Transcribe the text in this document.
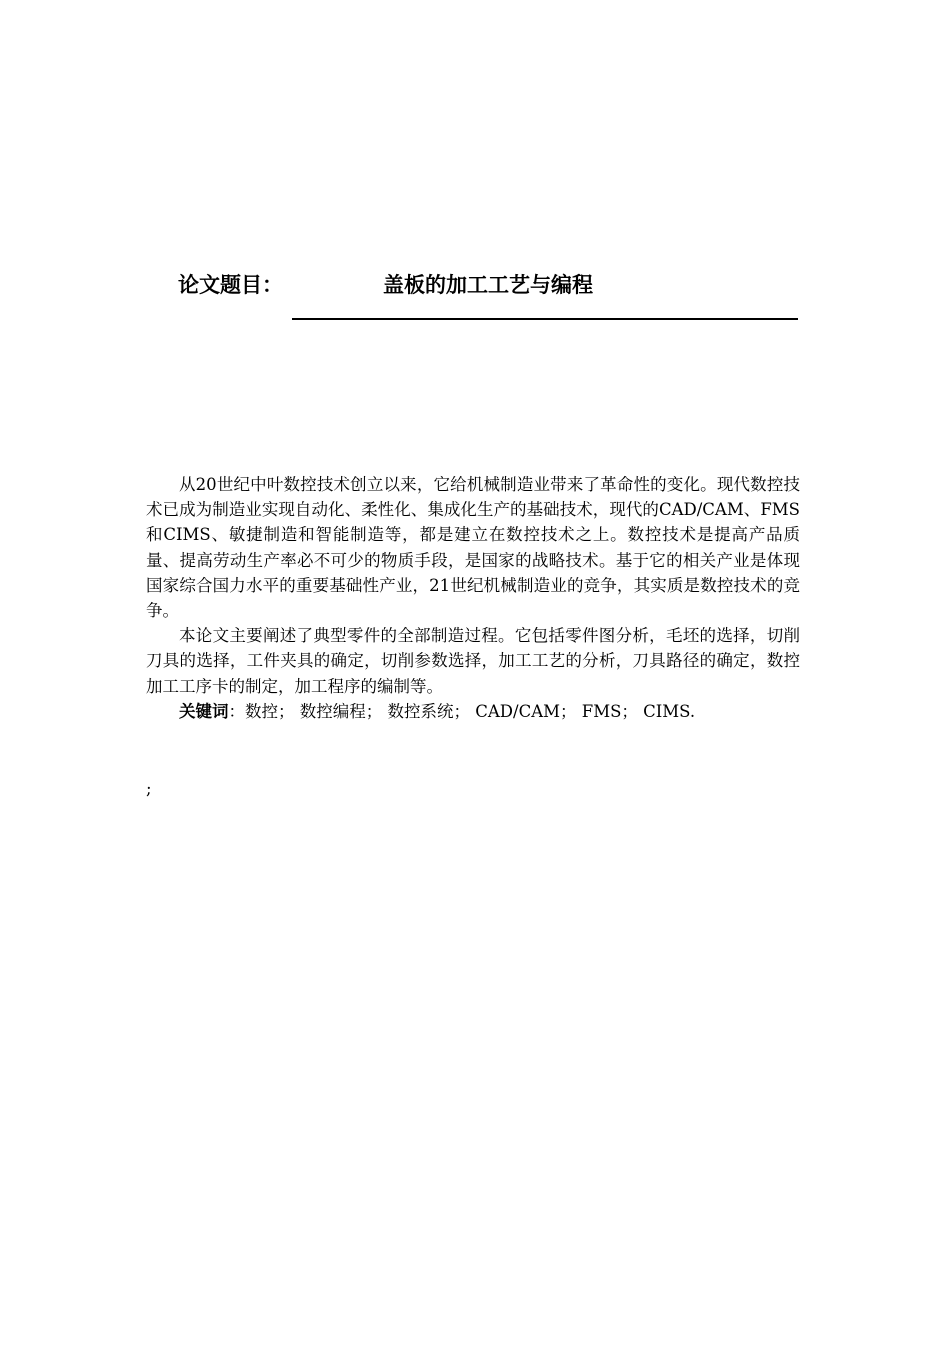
论文题目：	盖板的加工工艺与编程

从20世纪中叶数控技术创立以来，它给机械制造业带来了革命性的变化。现代数控技术已成为制造业实现自动化、柔性化、集成化生产的基础技术，现代的CAD/CAM、FMS和CIMS、敏捷制造和智能制造等，都是建立在数控技术之上。数控技术是提高产品质量、提高劳动生产率必不可少的物质手段，是国家的战略技术。基于它的相关产业是体现国家综合国力水平的重要基础性产业，21世纪机械制造业的竞争，其实质是数控技术的竞争。

本论文主要阐述了典型零件的全部制造过程。它包括零件图分析，毛坯的选择，切削刀具的选择，工件夹具的确定，切削参数选择，加工工艺的分析，刀具路径的确定，数控加工工序卡的制定，加工程序的编制等。

关键词：数控； 数控编程； 数控系统； CAD/CAM； FMS； CIMS.

;
